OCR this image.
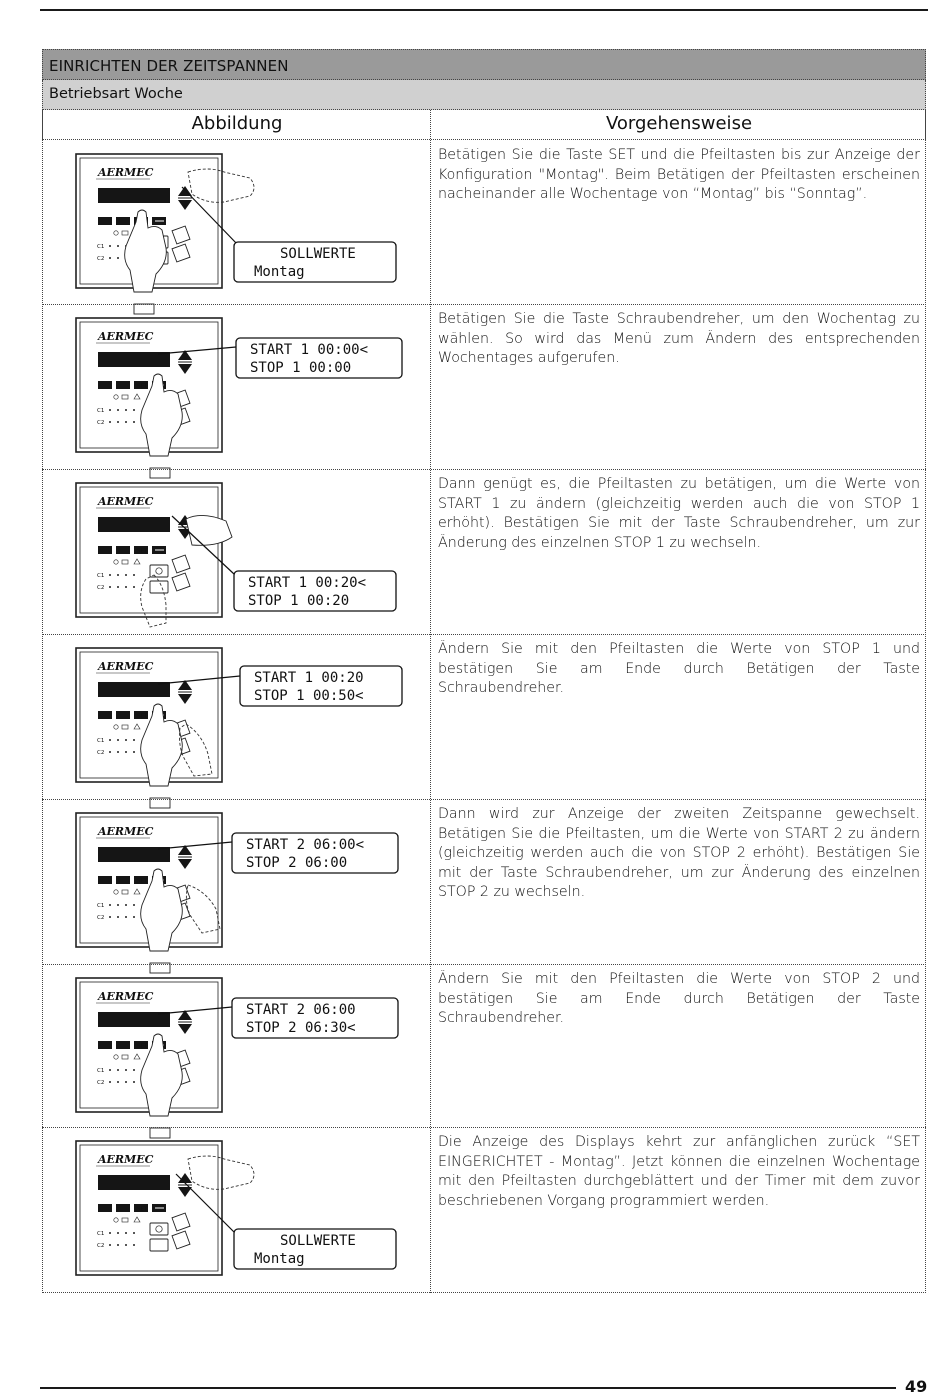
EINRICHTEN DER ZEITSPANNEN
Betriebsart Woche
Abbildung	Vorgehensweise
AERMEC
C1
C2	SOLLWERTE
Montag
Betätigen Sie die Taste SET und die Pfeiltasten bis zur Anzeige der Konfiguration "Montag". Beim Betätigen der Pfeiltasten erscheinen nacheinander alle Wochentage von “Montag” bis “Sonntag”.
AERMEC
SET
C1
C2
START 1 00:00<
STOP 1 00:00
Betätigen Sie die Taste Schraubendreher, um den Wochentag zu wählen. So wird das Menü zum Ändern des entsprechenden Wochentages aufgerufen.
AERMEC
SET
C1
C2	START 1 00:20<
STOP 1 00:20
Dann genügt es, die Pfeiltasten zu betätigen, um die Werte von START 1 zu ändern (gleichzeitig werden auch die von STOP 1 erhöht). Bestätigen Sie mit der Taste Schraubendreher, um zur Änderung des einzelnen STOP 1 zu wechseln.
AERMEC
SET
C1
C2
START 1 00:20
STOP 1 00:50<
Ändern Sie mit den Pfeiltasten die Werte von STOP 1 und bestätigen Sie am Ende durch Betätigen der Taste Schraubendreher.
AERMEC
SET
C1
C2
START 2 06:00<
STOP 2 06:00
Dann wird zur Anzeige der zweiten Zeitspanne gewechselt. Betätigen Sie die Pfeiltasten, um die Werte von START 2 zu ändern (gleichzeitig werden auch die von STOP 2 erhöht). Bestätigen Sie mit der Taste Schraubendreher, um zur Änderung des einzelnen STOP 2 zu wechseln.
AERMEC
SET
C1
C2
START 2 06:00
STOP 2 06:30<
Ändern Sie mit den Pfeiltasten die Werte von STOP 2 und bestätigen Sie am Ende durch Betätigen der Taste Schraubendreher.
AERMEC
SET
C1
C2	SOLLWERTE
Montag
Die Anzeige des Displays kehrt zur anfänglichen zurück “SET EINGERICHTET - Montag”. Jetzt können die einzelnen Wochentage mit den Pfeiltasten durchgeblättert und der Timer mit dem zuvor beschriebenen Vorgang programmiert werden.
49
